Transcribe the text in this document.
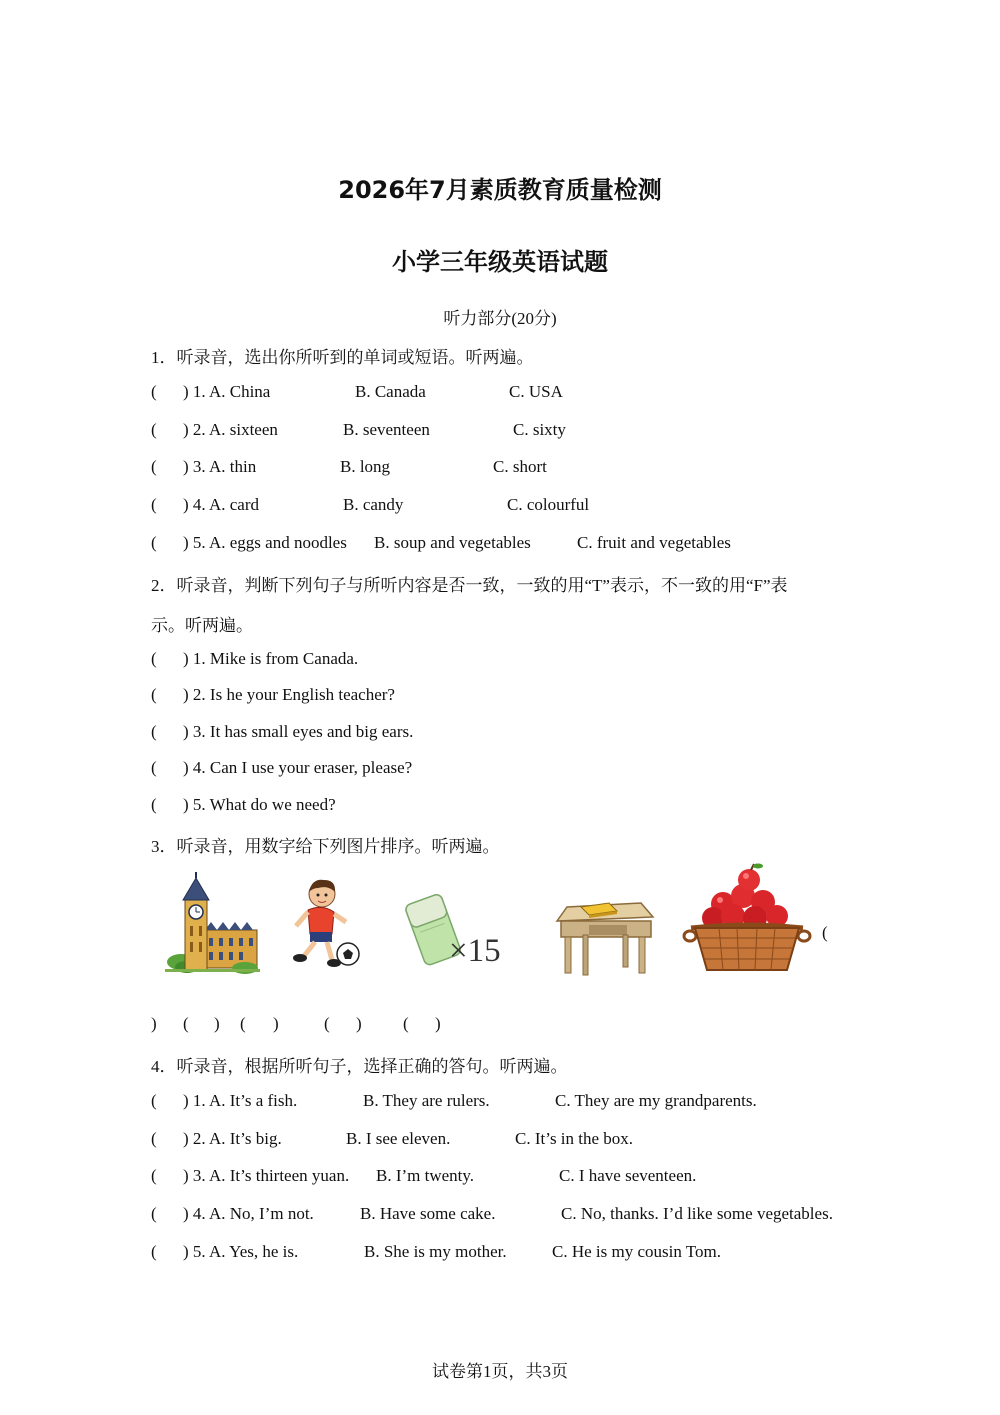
2026年7月素质教育质量检测
小学三年级英语试题
听力部分(20分)
1．听录音，选出你所听到的单词或短语。听两遍。
( ) 1. A. China	B. Canada	C. USA
( ) 2. A. sixteen	B. seventeen	C. sixty
( ) 3. A. thin	B. long	C. short
( ) 4. A. card	B. candy	C. colourful
( ) 5. A. eggs and noodles B. soup and vegetables	C. fruit and vegetables
2．听录音，判断下列句子与所听内容是否一致，一致的用“T”表示，不一致的用“F”表
示。听两遍。
( ) 1. Mike is from Canada.
( ) 2. Is he your English teacher?
( ) 3. It has small eyes and big ears.
( ) 4. Can I use your eraser, please?
( ) 5. What do we need?
3．听录音，用数字给下列图片排序。听两遍。
×15
(
) ( ) ( )	( ) ( )
4．听录音，根据所听句子，选择正确的答句。听两遍。
( ) 1. A. It’s a fish.	B. They are rulers.	C. They are my grandparents.
( ) 2. A. It’s big.	B. I see eleven.	C. It’s in the box.
( ) 3. A. It’s thirteen yuan. B. I’m twenty.	C. I have seventeen.
( ) 4. A. No, I’m not.	B. Have some cake.	C. No, thanks. I’d like some vegetables.
( ) 5. A. Yes, he is.	B. She is my mother.	C. He is my cousin Tom.
试卷第1页，共3页
